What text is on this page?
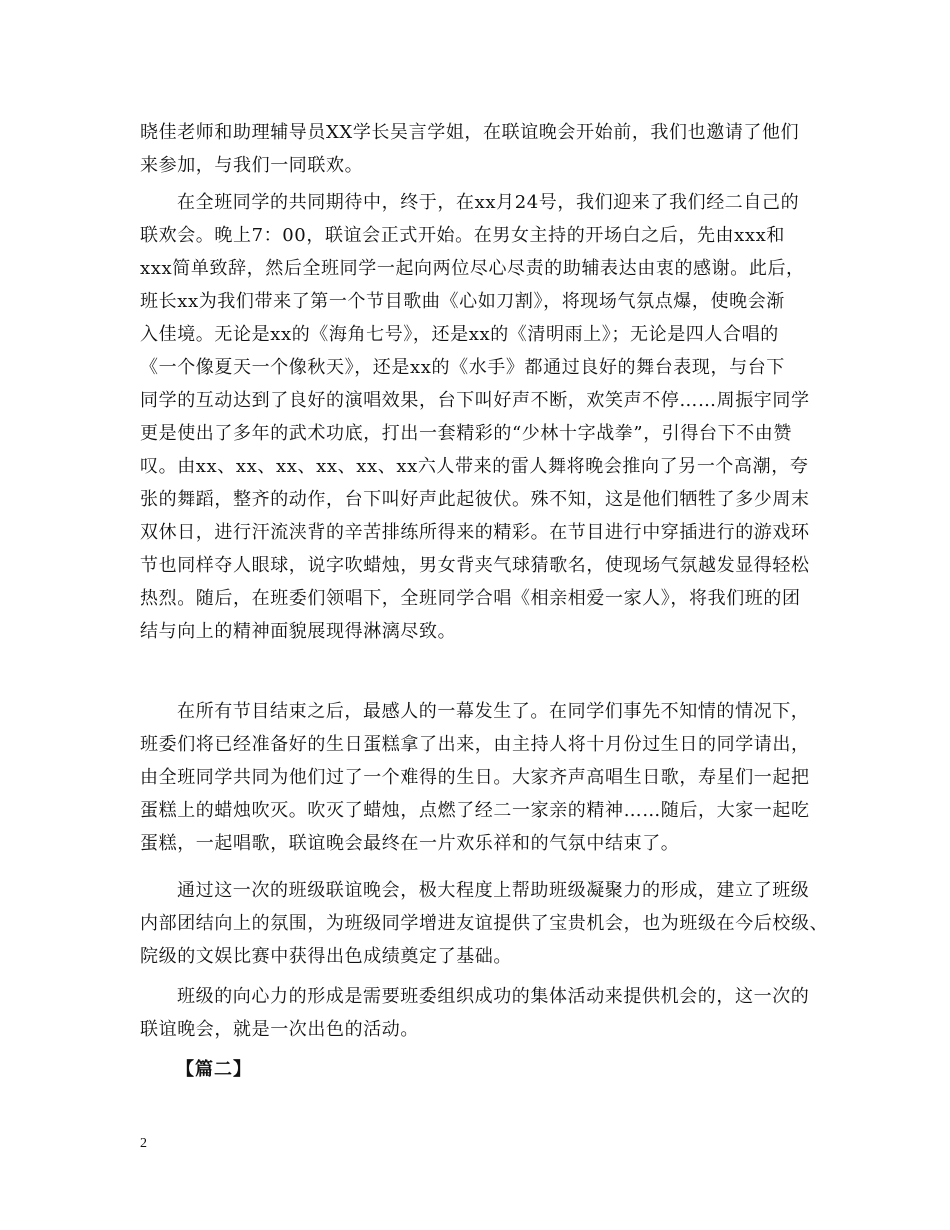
晓佳老师和助理辅导员XX学长吴言学姐，在联谊晚会开始前，我们也邀请了他们
来参加，与我们一同联欢。

在全班同学的共同期待中，终于，在xx月24号，我们迎来了我们经二自己的
联欢会。晚上7：00，联谊会正式开始。在男女主持的开场白之后，先由xxx和
xxx简单致辞，然后全班同学一起向两位尽心尽责的助辅表达由衷的感谢。此后，
班长xx为我们带来了第一个节目歌曲《心如刀割》，将现场气氛点爆，使晚会渐
入佳境。无论是xx的《海角七号》，还是xx的《清明雨上》；无论是四人合唱的
《一个像夏天一个像秋天》，还是xx的《水手》都通过良好的舞台表现，与台下
同学的互动达到了良好的演唱效果，台下叫好声不断，欢笑声不停……周振宇同学
更是使出了多年的武术功底，打出一套精彩的“少林十字战拳”，引得台下不由赞
叹。由xx、xx、xx、xx、xx、xx六人带来的雷人舞将晚会推向了另一个高潮，夸
张的舞蹈，整齐的动作，台下叫好声此起彼伏。殊不知，这是他们牺牲了多少周末
双休日，进行汗流浃背的辛苦排练所得来的精彩。在节目进行中穿插进行的游戏环
节也同样夺人眼球，说字吹蜡烛，男女背夹气球猜歌名，使现场气氛越发显得轻松
热烈。随后，在班委们领唱下，全班同学合唱《相亲相爱一家人》，将我们班的团
结与向上的精神面貌展现得淋漓尽致。

在所有节目结束之后，最感人的一幕发生了。在同学们事先不知情的情况下，
班委们将已经准备好的生日蛋糕拿了出来，由主持人将十月份过生日的同学请出，
由全班同学共同为他们过了一个难得的生日。大家齐声高唱生日歌，寿星们一起把
蛋糕上的蜡烛吹灭。吹灭了蜡烛，点燃了经二一家亲的精神……随后，大家一起吃
蛋糕，一起唱歌，联谊晚会最终在一片欢乐祥和的气氛中结束了。

通过这一次的班级联谊晚会，极大程度上帮助班级凝聚力的形成，建立了班级
内部团结向上的氛围，为班级同学增进友谊提供了宝贵机会，也为班级在今后校级、
院级的文娱比赛中获得出色成绩奠定了基础。

班级的向心力的形成是需要班委组织成功的集体活动来提供机会的，这一次的
联谊晚会，就是一次出色的活动。

【篇二】

2
